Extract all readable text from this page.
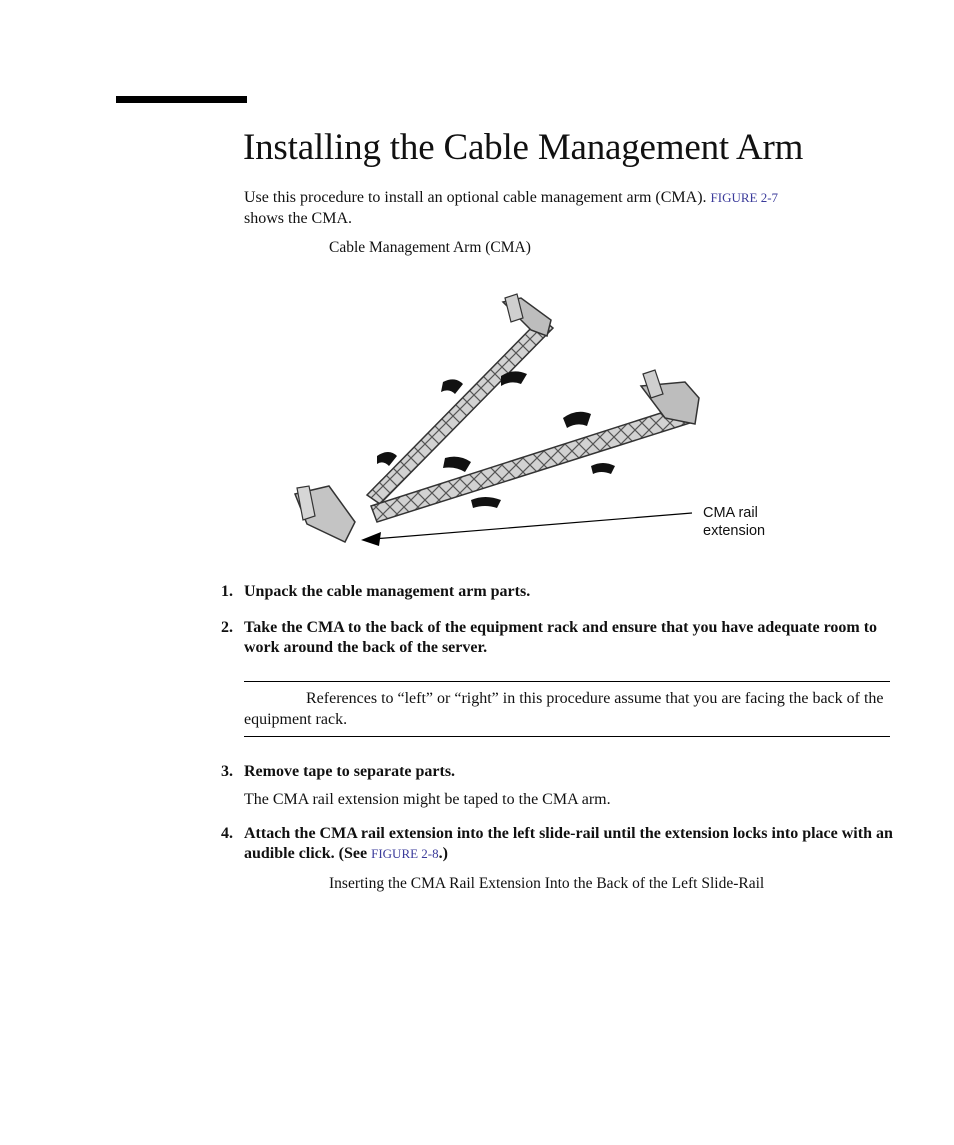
Installing the Cable Management Arm
Use this procedure to install an optional cable management arm (CMA). FIGURE 2-7
shows the CMA.
Cable Management Arm (CMA)
CMA rail
extension
1. Unpack the cable management arm parts.
2. Take the CMA to the back of the equipment rack and ensure that you have adequate room to work around the back of the server.
References to “left” or “right” in this procedure assume that you are facing the back of the equipment rack.
3. Remove tape to separate parts.
The CMA rail extension might be taped to the CMA arm.
4. Attach the CMA rail extension into the left slide-rail until the extension locks into place with an audible click. (See FIGURE 2-8.)
Inserting the CMA Rail Extension Into the Back of the Left Slide-Rail
